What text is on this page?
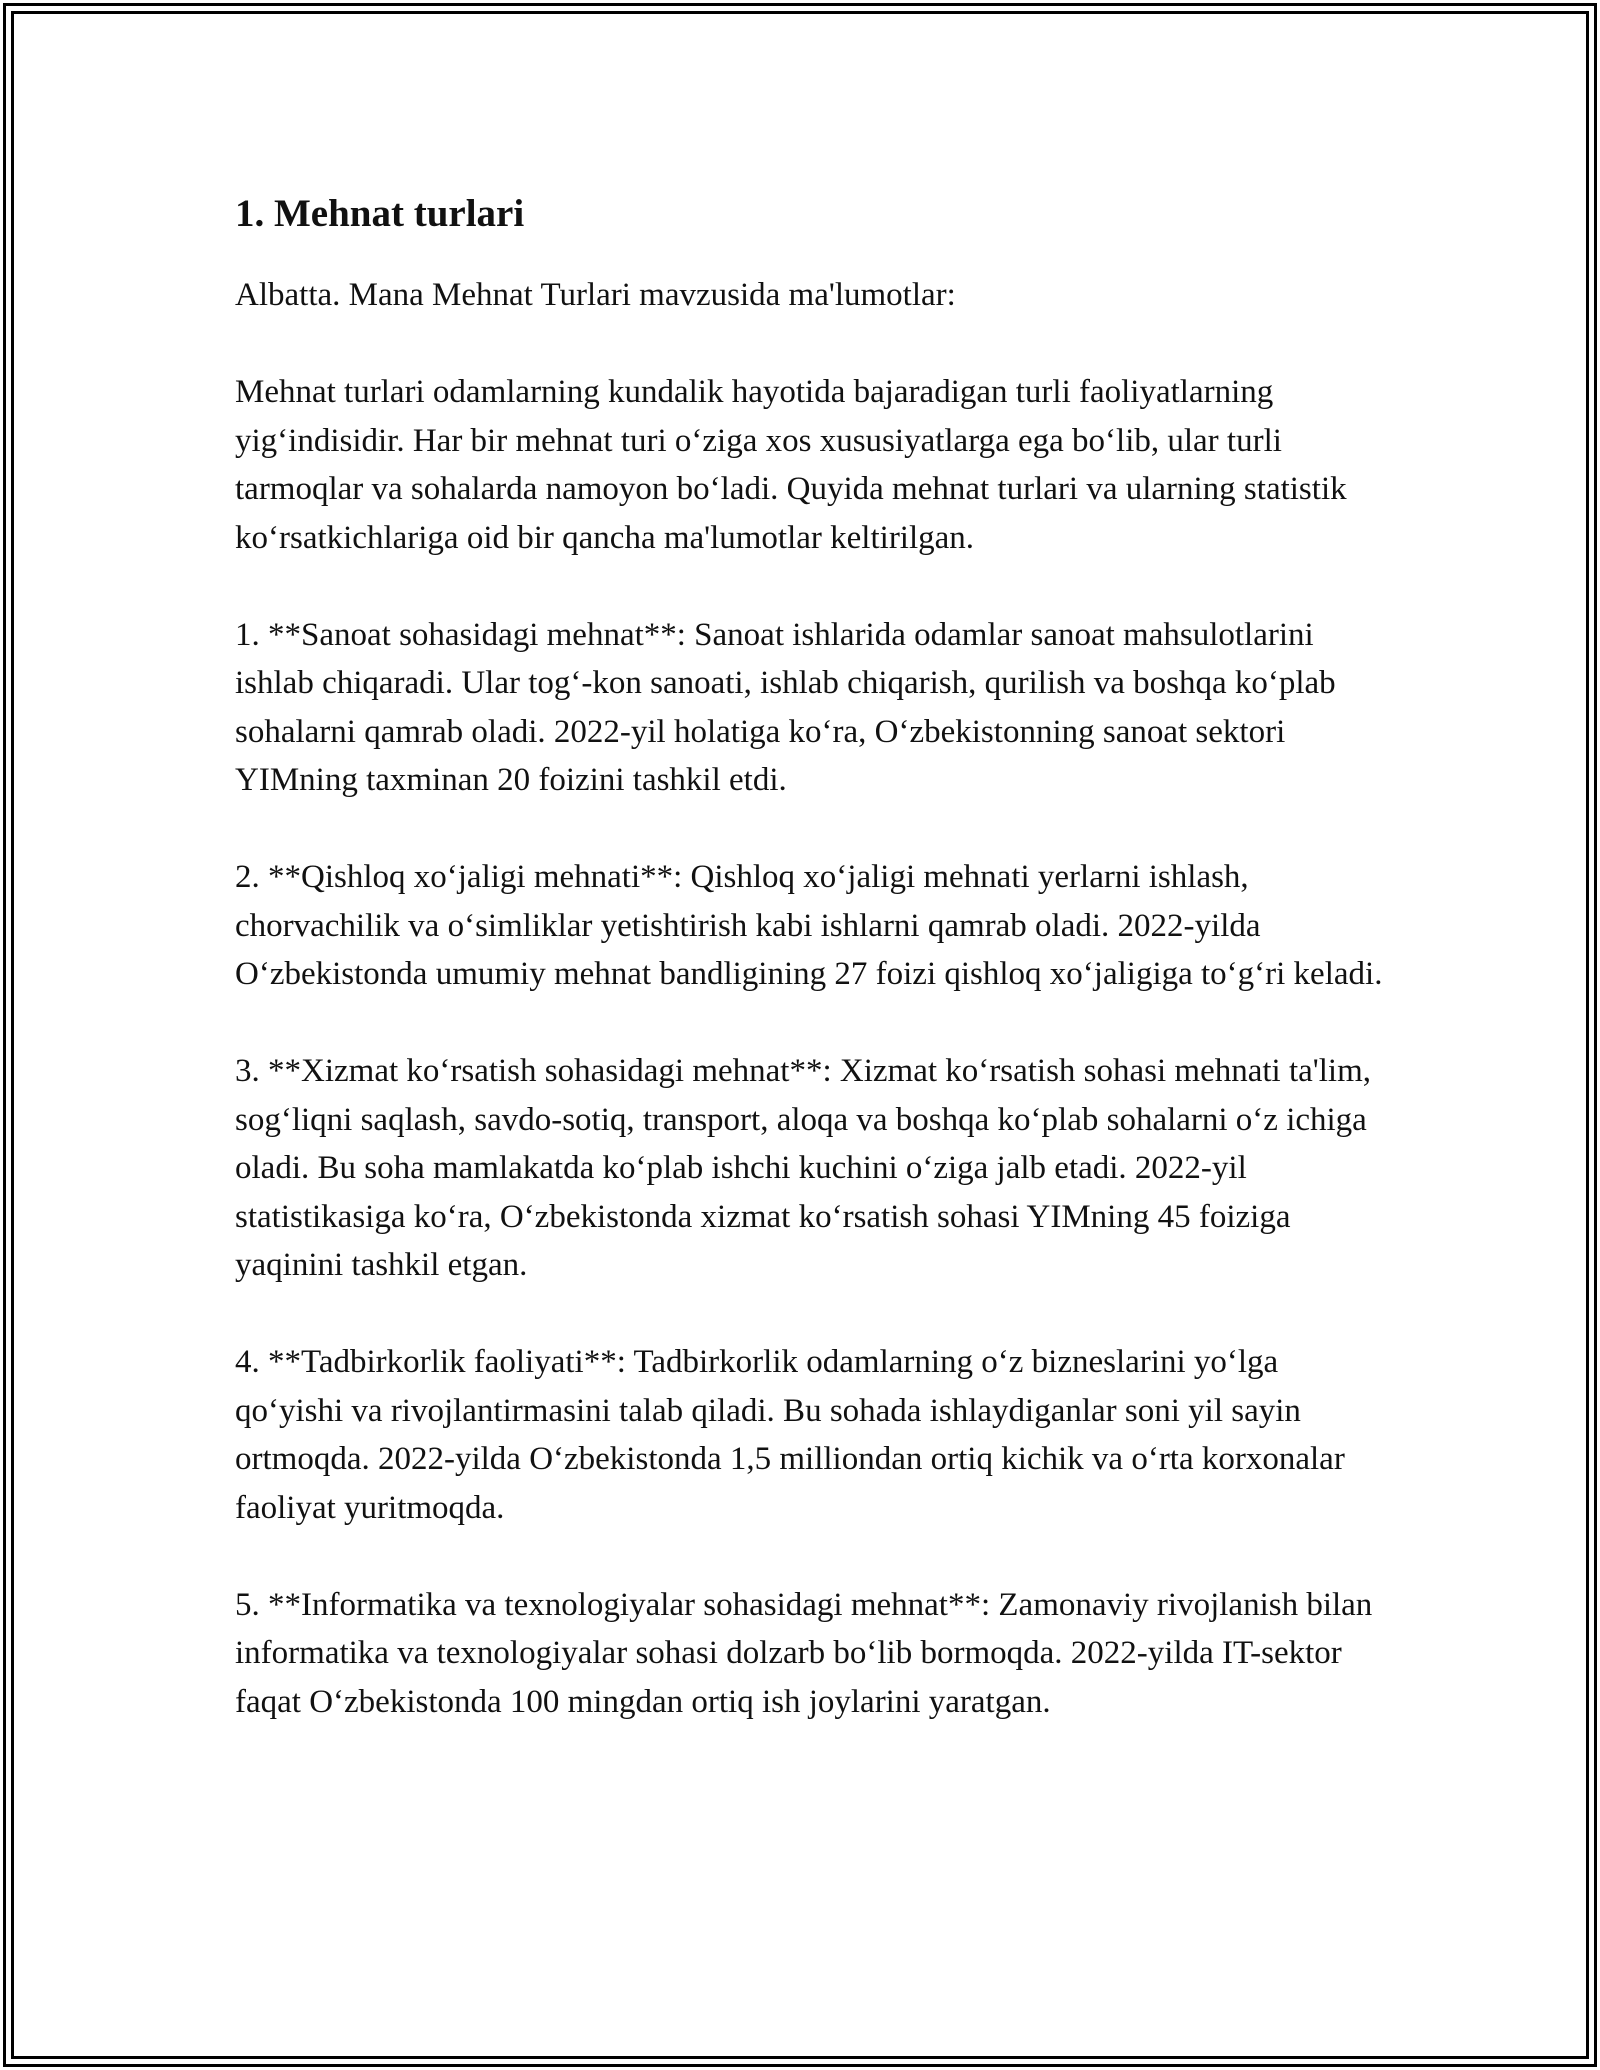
1. Mehnat turlari

Albatta. Mana Mehnat Turlari mavzusida ma'lumotlar:

Mehnat turlari odamlarning kundalik hayotida bajaradigan turli faoliyatlarning yig‘indisidir. Har bir mehnat turi o‘ziga xos xususiyatlarga ega bo‘lib, ular turli tarmoqlar va sohalarda namoyon bo‘ladi. Quyida mehnat turlari va ularning statistik ko‘rsatkichlariga oid bir qancha ma'lumotlar keltirilgan.

1. **Sanoat sohasidagi mehnat**: Sanoat ishlarida odamlar sanoat mahsulotlarini ishlab chiqaradi. Ular tog‘-kon sanoati, ishlab chiqarish, qurilish va boshqa ko‘plab sohalarni qamrab oladi. 2022-yil holatiga ko‘ra, O‘zbekistonning sanoat sektori YIMning taxminan 20 foizini tashkil etdi.

2. **Qishloq xo‘jaligi mehnati**: Qishloq xo‘jaligi mehnati yerlarni ishlash, chorvachilik va o‘simliklar yetishtirish kabi ishlarni qamrab oladi. 2022-yilda O‘zbekistonda umumiy mehnat bandligining 27 foizi qishloq xo‘jaligiga to‘g‘ri keladi.

3. **Xizmat ko‘rsatish sohasidagi mehnat**: Xizmat ko‘rsatish sohasi mehnati ta'lim, sog‘liqni saqlash, savdo-sotiq, transport, aloqa va boshqa ko‘plab sohalarni o‘z ichiga oladi. Bu soha mamlakatda ko‘plab ishchi kuchini o‘ziga jalb etadi. 2022-yil statistikasiga ko‘ra, O‘zbekistonda xizmat ko‘rsatish sohasi YIMning 45 foiziga yaqinini tashkil etgan.

4. **Tadbirkorlik faoliyati**: Tadbirkorlik odamlarning o‘z bizneslarini yo‘lga qo‘yishi va rivojlantirmasini talab qiladi. Bu sohada ishlaydiganlar soni yil sayin ortmoqda. 2022-yilda O‘zbekistonda 1,5 milliondan ortiq kichik va o‘rta korxonalar faoliyat yuritmoqda.

5. **Informatika va texnologiyalar sohasidagi mehnat**: Zamonaviy rivojlanish bilan informatika va texnologiyalar sohasi dolzarb bo‘lib bormoqda. 2022-yilda IT-sektor faqat O‘zbekistonda 100 mingdan ortiq ish joylarini yaratgan.
